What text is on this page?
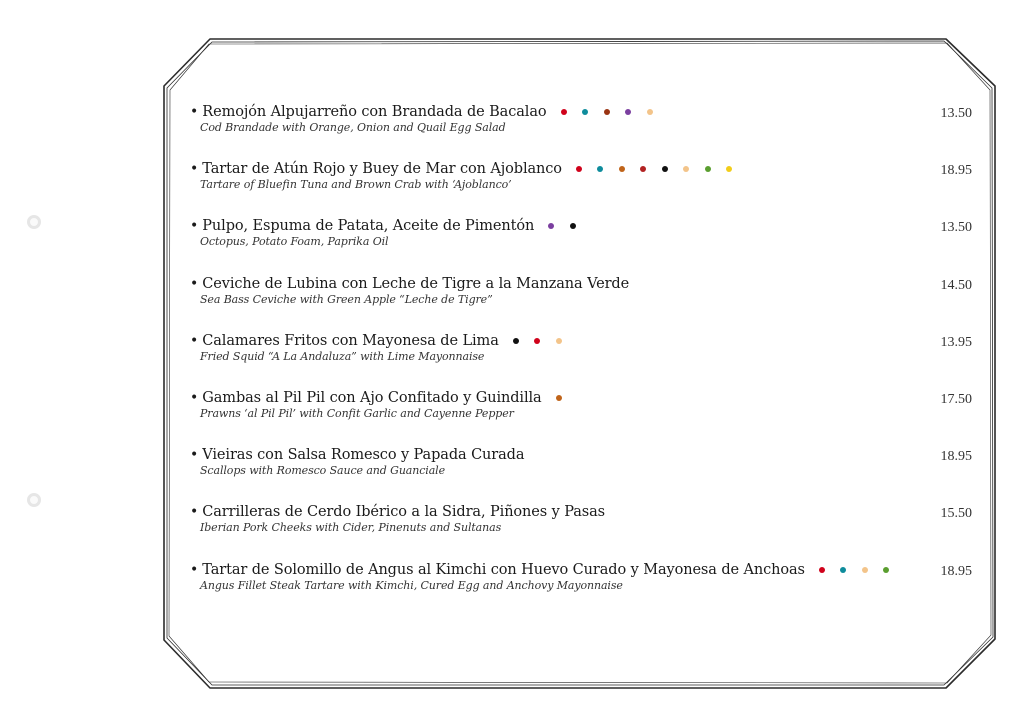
• Remojón Alpujarreño con Brandada de Bacalao
Cod Brandade with Orange, Onion and Quail Egg Salad
13.50
• Tartar de Atún Rojo y Buey de Mar con Ajoblanco
Tartare of Bluefin Tuna and Brown Crab with ‘Ajoblanco’
18.95
• Pulpo, Espuma de Patata, Aceite de Pimentón
Octopus, Potato Foam, Paprika Oil
13.50
• Ceviche de Lubina con Leche de Tigre a la Manzana Verde
Sea Bass Ceviche with Green Apple “Leche de Tigre”
14.50
• Calamares Fritos con Mayonesa de Lima
Fried Squid “A La Andaluza” with Lime Mayonnaise
13.95
• Gambas al Pil Pil con Ajo Confitado y Guindilla
Prawns ‘al Pil Pil’ with Confit Garlic and Cayenne Pepper
17.50
• Vieiras con Salsa Romesco y Papada Curada
Scallops with Romesco Sauce and Guanciale
18.95
• Carrilleras de Cerdo Ibérico a la Sidra, Piñones y Pasas
Iberian Pork Cheeks with Cider, Pinenuts and Sultanas
15.50
• Tartar de Solomillo de Angus al Kimchi con Huevo Curado y Mayonesa de Anchoas
Angus Fillet Steak Tartare with Kimchi, Cured Egg and Anchovy Mayonnaise
18.95
